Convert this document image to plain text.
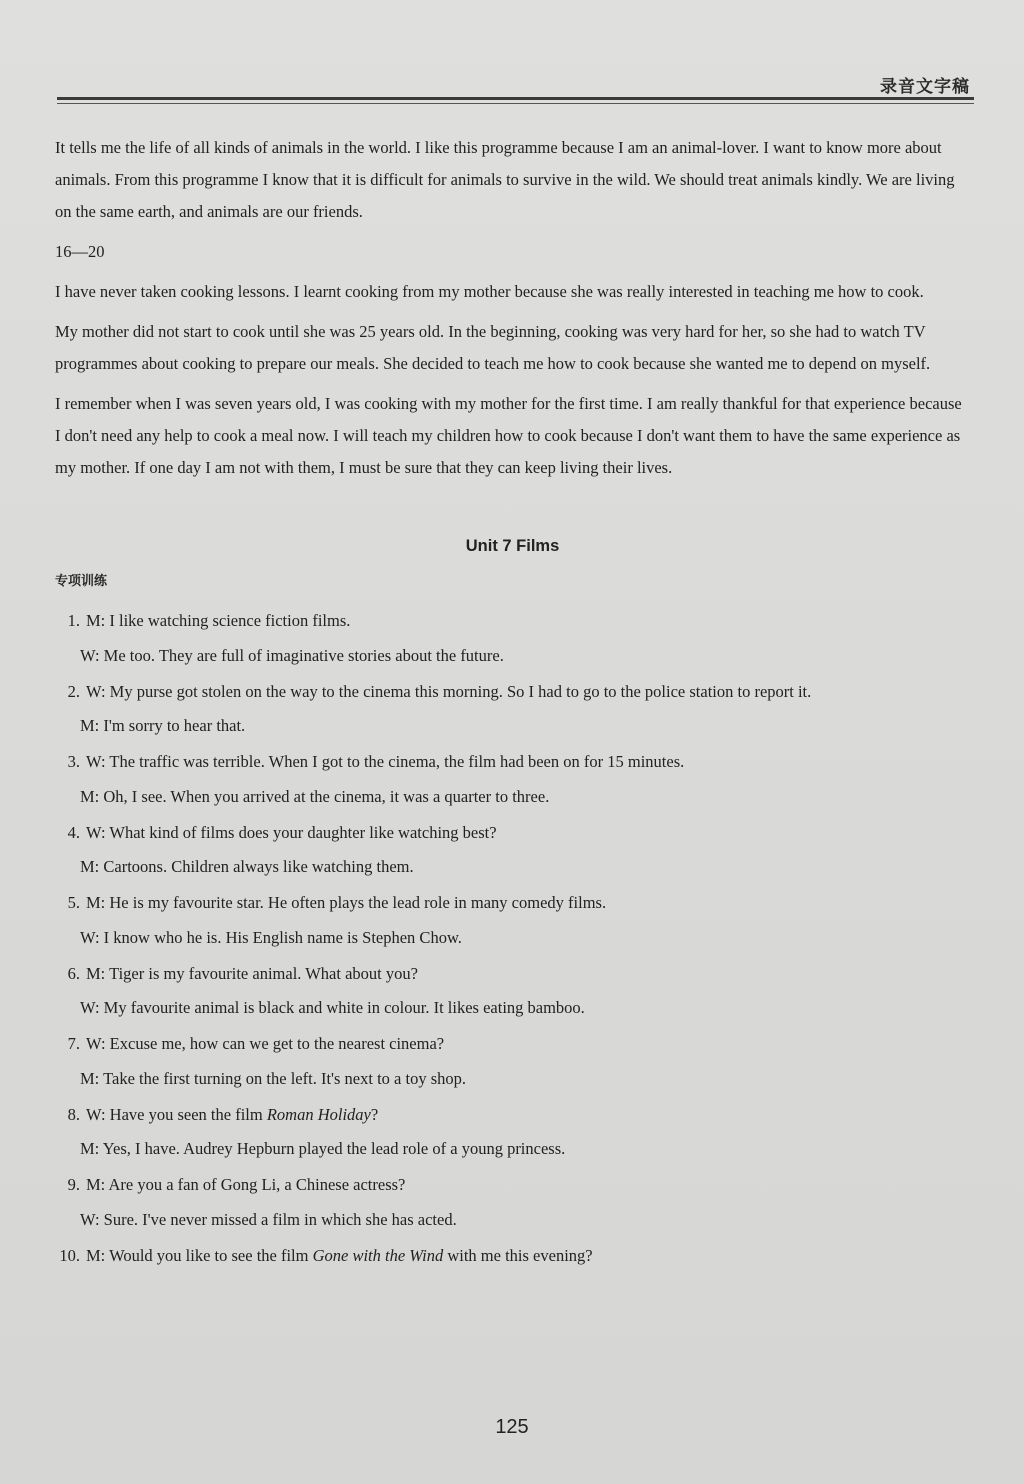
录音文字稿

It tells me the life of all kinds of animals in the world. I like this programme because I am an animal-lover. I want to know more about animals. From this programme I know that it is difficult for animals to survive in the wild. We should treat animals kindly. We are living on the same earth, and animals are our friends.

16—20

I have never taken cooking lessons. I learnt cooking from my mother because she was really interested in teaching me how to cook.

My mother did not start to cook until she was 25 years old. In the beginning, cooking was very hard for her, so she had to watch TV programmes about cooking to prepare our meals. She decided to teach me how to cook because she wanted me to depend on myself.

I remember when I was seven years old, I was cooking with my mother for the first time. I am really thankful for that experience because I don't need any help to cook a meal now. I will teach my children how to cook because I don't want them to have the same experience as my mother. If one day I am not with them, I must be sure that they can keep living their lives.

Unit 7 Films
专项训练
1. M: I like watching science fiction films.
W: Me too. They are full of imaginative stories about the future.
2. W: My purse got stolen on the way to the cinema this morning. So I had to go to the police station to report it.
M: I'm sorry to hear that.
3. W: The traffic was terrible. When I got to the cinema, the film had been on for 15 minutes.
M: Oh, I see. When you arrived at the cinema, it was a quarter to three.
4. W: What kind of films does your daughter like watching best?
M: Cartoons. Children always like watching them.
5. M: He is my favourite star. He often plays the lead role in many comedy films.
W: I know who he is. His English name is Stephen Chow.
6. M: Tiger is my favourite animal. What about you?
W: My favourite animal is black and white in colour. It likes eating bamboo.
7. W: Excuse me, how can we get to the nearest cinema?
M: Take the first turning on the left. It's next to a toy shop.
8. W: Have you seen the film Roman Holiday?
M: Yes, I have. Audrey Hepburn played the lead role of a young princess.
9. M: Are you a fan of Gong Li, a Chinese actress?
W: Sure. I've never missed a film in which she has acted.
10. M: Would you like to see the film Gone with the Wind with me this evening?
125
